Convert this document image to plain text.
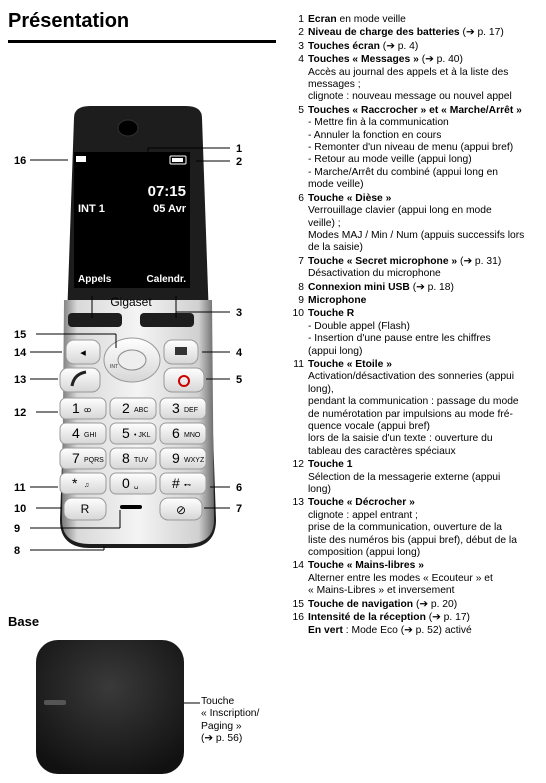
Présentation
07:15
INT 1	05 Avr
Appels	Calendr.
Gigaset
◂
INT
1 ꝏ 2 ABC 3 DEF
4 GHI 5 • JKL 6 MNO
7 PQRS 8 TUV 9 WXYZ
* ♫ 0 ␣ # ⊷
R	⊘
1
2
3
4
5
6
7
8
9
10
11
12
13
14
15
16
1 Ecran en mode veille
2 Niveau de charge des batteries (➔ p. 17)
3 Touches écran (➔ p. 4)
4 Touches « Messages » (➔ p. 40)
Accès au journal des appels et à la liste des
messages ;
clignote : nouveau message ou nouvel appel
5 Touches « Raccrocher » et « Marche/Arrêt »
- Mettre fin à la communication
- Annuler la fonction en cours
- Remonter d'un niveau de menu (appui bref)
- Retour au mode veille (appui long)
- Marche/Arrêt du combiné (appui long en
mode veille)
6 Touche « Dièse »
Verrouillage clavier (appui long en mode
veille) ;
Modes MAJ / Min / Num (appuis successifs lors
de la saisie)
7 Touche « Secret microphone » (➔ p. 31)
Désactivation du microphone
8 Connexion mini USB (➔ p. 18)
9 Microphone
10 Touche R
- Double appel (Flash)
- Insertion d'une pause entre les chiffres
(appui long)
11 Touche « Etoile »
Activation/désactivation des sonneries (appui
long),
pendant la communication : passage du mode
de numérotation par impulsions au mode fré-
quence vocale (appui bref)
lors de la saisie d'un texte : ouverture du
tableau des caractères spéciaux
12 Touche 1
Sélection de la messagerie externe (appui
long)
13 Touche « Décrocher »
clignote : appel entrant ;
prise de la communication, ouverture de la
liste des numéros bis (appui bref), début de la
composition (appui long)
14 Touche « Mains-libres »
Alterner entre les modes « Ecouteur » et
« Mains-Libres » et inversement
15 Touche de navigation (➔ p. 20)
16 Intensité de la réception (➔ p. 17)
En vert : Mode Eco (➔ p. 52) activé
Base
Touche
« Inscription/
Paging »
(➔ p. 56)
